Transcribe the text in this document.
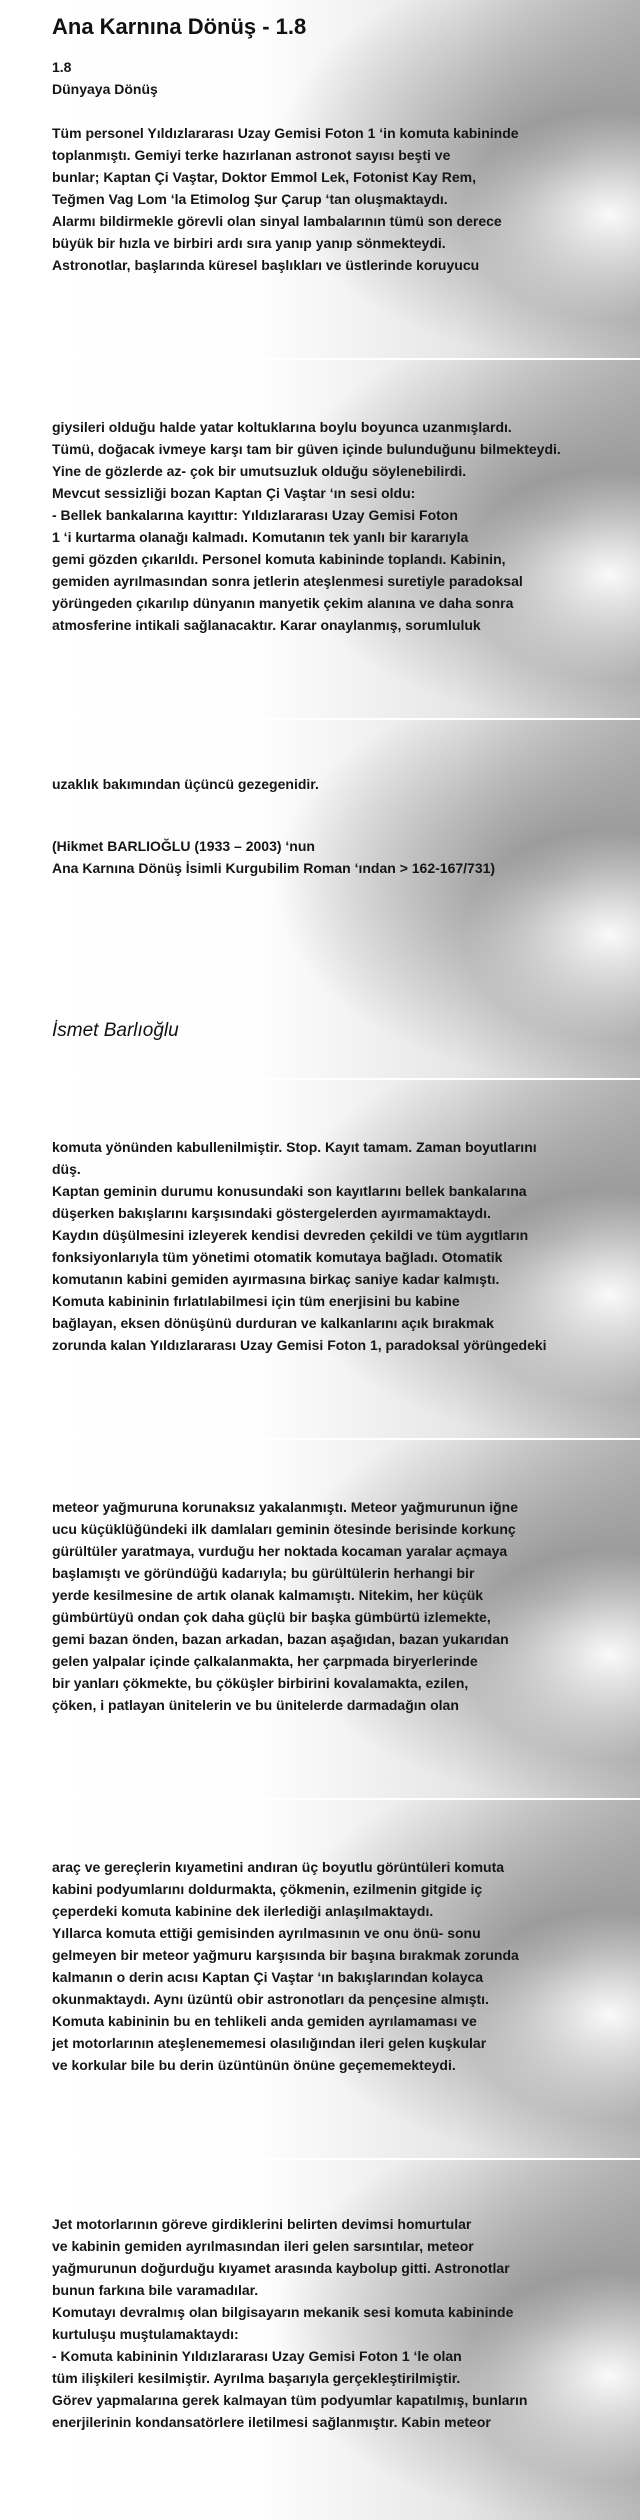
Ana Karnına Dönüş - 1.8
1.8
Dünyaya Dönüş
Tüm personel Yıldızlararası Uzay Gemisi Foton 1 ‘in komuta kabininde
toplanmıştı. Gemiyi terke hazırlanan astronot sayısı beşti ve
bunlar; Kaptan Çi Vaştar, Doktor Emmol Lek, Fotonist Kay Rem,
Teğmen Vag Lom ‘la Etimolog Şur Çarup ‘tan oluşmaktaydı.
Alarmı bildirmekle görevli olan sinyal lambalarının tümü son derece
büyük bir hızla ve birbiri ardı sıra yanıp yanıp sönmekteydi.
Astronotlar, başlarında küresel başlıkları ve üstlerinde koruyucu
giysileri olduğu halde yatar koltuklarına boylu boyunca uzanmışlardı.
Tümü, doğacak ivmeye karşı tam bir güven içinde bulunduğunu bilmekteydi.
Yine de gözlerde az- çok bir umutsuzluk olduğu söylenebilirdi.
Mevcut sessizliği bozan Kaptan Çi Vaştar ‘ın sesi oldu:
- Bellek bankalarına kayıttır: Yıldızlararası Uzay Gemisi Foton
1 ‘i kurtarma olanağı kalmadı. Komutanın tek yanlı bir kararıyla
gemi gözden çıkarıldı. Personel komuta kabininde toplandı. Kabinin,
gemiden ayrılmasından sonra jetlerin ateşlenmesi suretiyle paradoksal
yörüngeden çıkarılıp dünyanın manyetik çekim alanına ve daha sonra
atmosferine intikali sağlanacaktır. Karar onaylanmış, sorumluluk
uzaklık bakımından üçüncü gezegenidir.
(Hikmet BARLIOĞLU (1933 – 2003) ‘nun
Ana Karnına Dönüş İsimli Kurgubilim Roman ‘ından > 162-167/731)
İsmet Barlıoğlu
komuta yönünden kabullenilmiştir. Stop. Kayıt tamam. Zaman boyutlarını
düş.
Kaptan geminin durumu konusundaki son kayıtlarını bellek bankalarına
düşerken bakışlarını karşısındaki göstergelerden ayırmamaktaydı.
Kaydın düşülmesini izleyerek kendisi devreden çekildi ve tüm aygıtların
fonksiyonlarıyla tüm yönetimi otomatik komutaya bağladı. Otomatik
komutanın kabini gemiden ayırmasına birkaç saniye kadar kalmıştı.
Komuta kabininin fırlatılabilmesi için tüm enerjisini bu kabine
bağlayan, eksen dönüşünü durduran ve kalkanlarını açık bırakmak
zorunda kalan Yıldızlararası Uzay Gemisi Foton 1, paradoksal yörüngedeki
meteor yağmuruna korunaksız yakalanmıştı. Meteor yağmurunun iğne
ucu küçüklüğündeki ilk damlaları geminin ötesinde berisinde korkunç
gürültüler yaratmaya, vurduğu her noktada kocaman yaralar açmaya
başlamıştı ve göründüğü kadarıyla; bu gürültülerin herhangi bir
yerde kesilmesine de artık olanak kalmamıştı. Nitekim, her küçük
gümbürtüyü ondan çok daha güçlü bir başka gümbürtü izlemekte,
gemi bazan önden, bazan arkadan, bazan aşağıdan, bazan yukarıdan
gelen yalpalar içinde çalkalanmakta, her çarpmada biryerlerinde
bir yanları çökmekte, bu çöküşler birbirini kovalamakta, ezilen,
çöken, i patlayan ünitelerin ve bu ünitelerde darmadağın olan
araç ve gereçlerin kıyametini andıran üç boyutlu görüntüleri komuta
kabini podyumlarını doldurmakta, çökmenin, ezilmenin gitgide iç
çeperdeki komuta kabinine dek ilerlediği anlaşılmaktaydı.
Yıllarca komuta ettiği gemisinden ayrılmasının ve onu önü- sonu
gelmeyen bir meteor yağmuru karşısında bir başına bırakmak zorunda
kalmanın o derin acısı Kaptan Çi Vaştar ‘ın bakışlarından kolayca
okunmaktaydı. Aynı üzüntü obir astronotları da pençesine almıştı.
Komuta kabininin bu en tehlikeli anda gemiden ayrılamaması ve
jet motorlarının ateşlenememesi olasılığından ileri gelen kuşkular
ve korkular bile bu derin üzüntünün önüne geçememekteydi.
Jet motorlarının göreve girdiklerini belirten devimsi homurtular
ve kabinin gemiden ayrılmasından ileri gelen sarsıntılar, meteor
yağmurunun doğurduğu kıyamet arasında kaybolup gitti. Astronotlar
bunun farkına bile varamadılar.
Komutayı devralmış olan bilgisayarın mekanik sesi komuta kabininde
kurtuluşu muştulamaktaydı:
- Komuta kabininin Yıldızlararası Uzay Gemisi Foton 1 ‘le olan
tüm ilişkileri kesilmiştir. Ayrılma başarıyla gerçekleştirilmiştir.
Görev yapmalarına gerek kalmayan tüm podyumlar kapatılmış, bunların
enerjilerinin kondansatörlere iletilmesi sağlanmıştır. Kabin meteor
